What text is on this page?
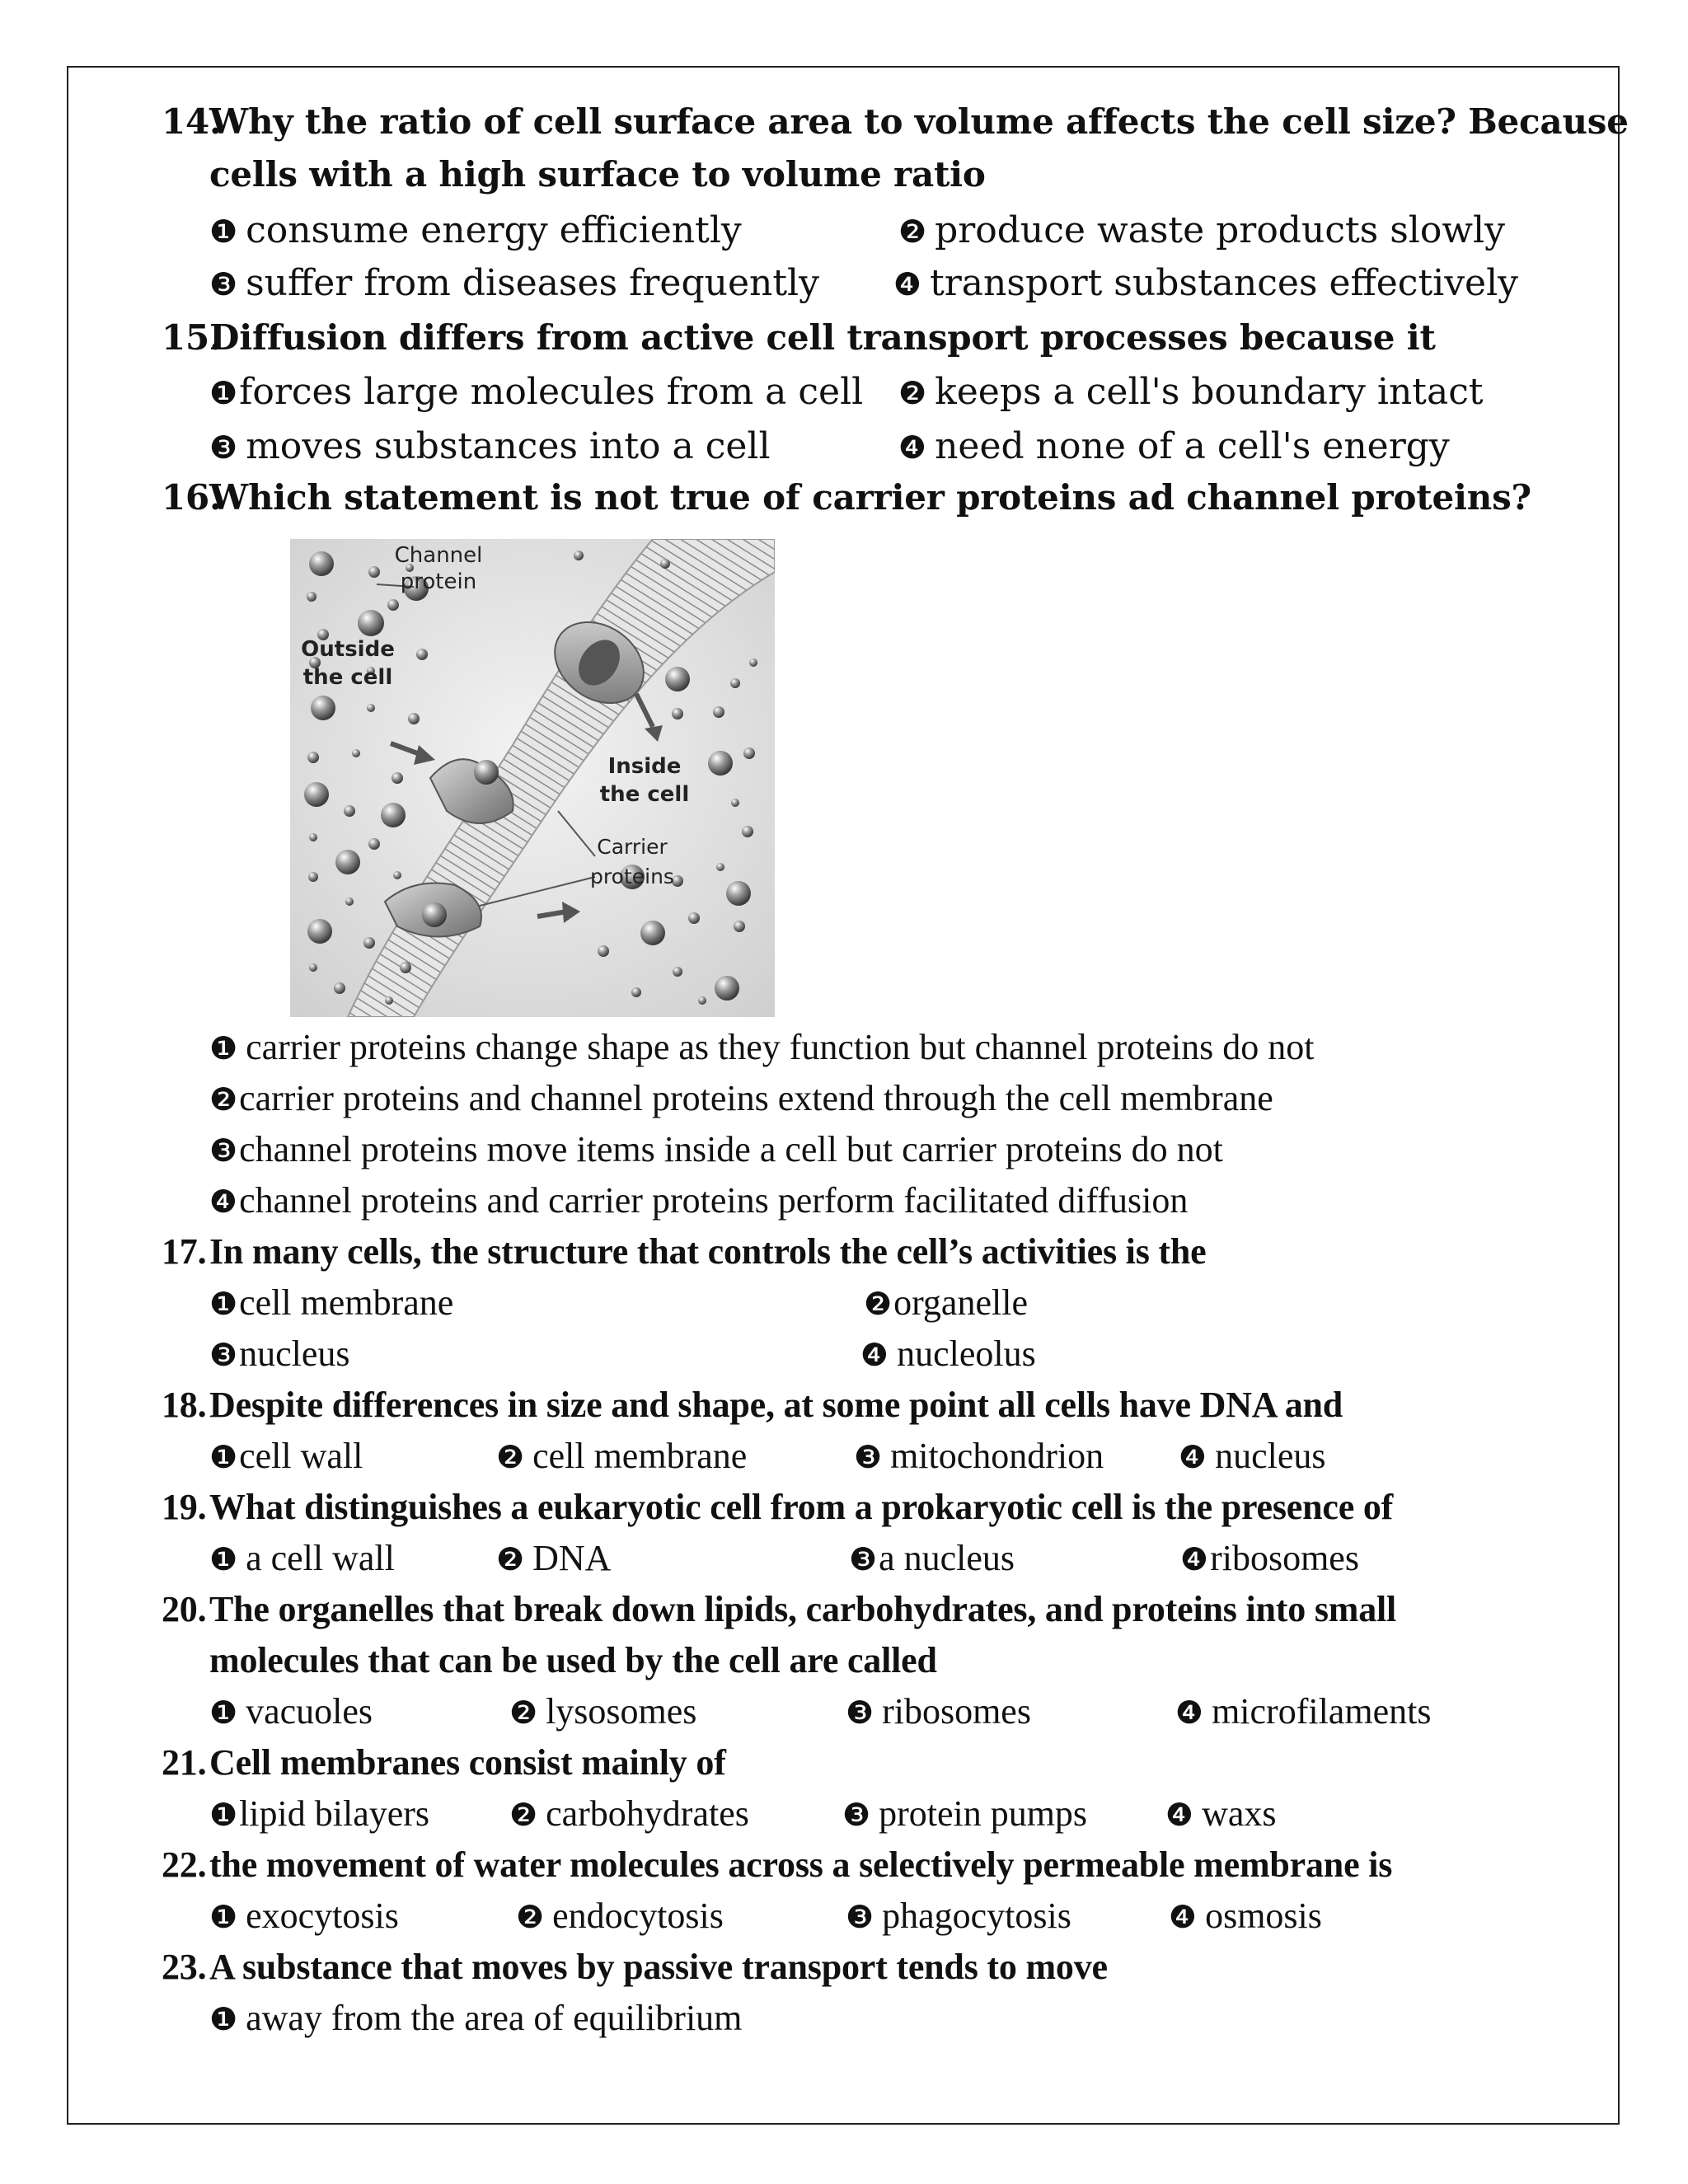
14.Why the ratio of cell surface area to volume affects the cell size? Because
cells with a high surface to volume ratio
❶ consume energy efficiently	❷ produce waste products slowly
❸ suffer from diseases frequently ❹ transport substances effectively
15.Diffusion differs from active cell transport processes because it
❶forces large molecules from a cell ❷ keeps a cell's boundary intact
❸ moves substances into a cell	❹ need none of a cell's energy
16.Which statement is not true of carrier proteins ad channel proteins?
Channel
protein
Outside
the cell
Inside
the cell
Carrier
proteins
❶ carrier proteins change shape as they function but channel proteins do not
❷carrier proteins and channel proteins extend through the cell membrane
❸channel proteins move items inside a cell but carrier proteins do not
❹channel proteins and carrier proteins perform facilitated diffusion
17.In many cells, the structure that controls the cell’s activities is the
❶cell membrane	❷organelle
❸nucleus	❹ nucleolus
18.Despite differences in size and shape, at some point all cells have DNA and
❶cell wall	❷ cell membrane	❸ mitochondrion ❹ nucleus
19.What distinguishes a eukaryotic cell from a prokaryotic cell is the presence of
❶ a cell wall	❷ DNA	❸a nucleus	❹ribosomes
20.The organelles that break down lipids, carbohydrates, and proteins into small
molecules that can be used by the cell are called
❶ vacuoles	❷ lysosomes	❸ ribosomes	❹ microfilaments
21.Cell membranes consist mainly of
❶lipid bilayers	❷ carbohydrates	❸ protein pumps ❹ waxs
22.the movement of water molecules across a selectively permeable membrane is
❶ exocytosis	❷ endocytosis	❸ phagocytosis	❹ osmosis
23.A substance that moves by passive transport tends to move
❶ away from the area of equilibrium
